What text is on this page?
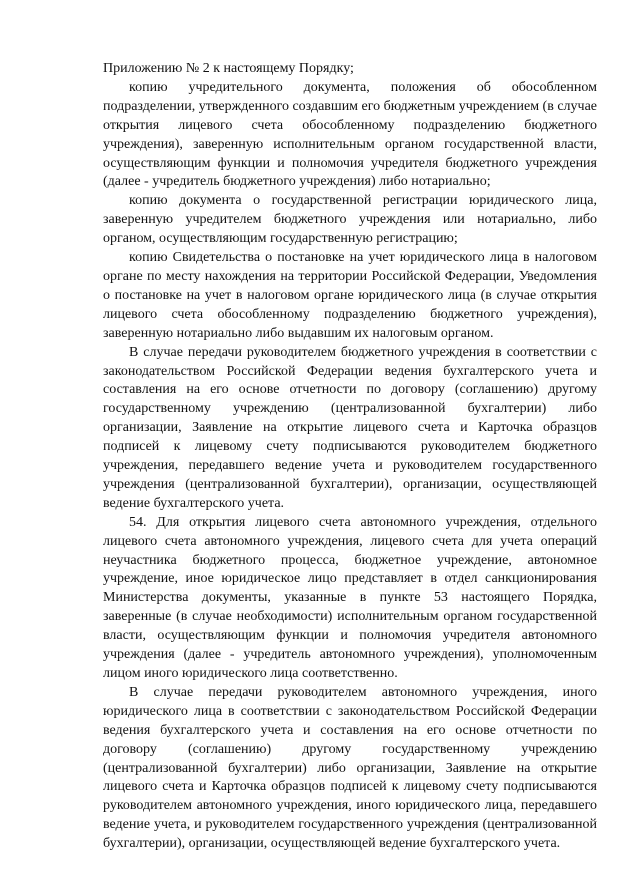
Приложению № 2 к настоящему Порядку;

копию учредительного документа, положения об обособленном подразделении, утвержденного создавшим его бюджетным учреждением (в случае открытия лицевого счета обособленному подразделению бюджетного учреждения), заверенную исполнительным органом государственной власти, осуществляющим функции и полномочия учредителя бюджетного учреждения (далее - учредитель бюджетного учреждения) либо нотариально;

копию документа о государственной регистрации юридического лица, заверенную учредителем бюджетного учреждения или нотариально, либо органом, осуществляющим государственную регистрацию;

копию Свидетельства о постановке на учет юридического лица в налоговом органе по месту нахождения на территории Российской Федерации, Уведомления о постановке на учет в налоговом органе юридического лица (в случае открытия лицевого счета обособленному подразделению бюджетного учреждения), заверенную нотариально либо выдавшим их налоговым органом.

В случае передачи руководителем бюджетного учреждения в соответствии с законодательством Российской Федерации ведения бухгалтерского учета и составления на его основе отчетности по договору (соглашению) другому государственному учреждению (централизованной бухгалтерии) либо организации, Заявление на открытие лицевого счета и Карточка образцов подписей к лицевому счету подписываются руководителем бюджетного учреждения, передавшего ведение учета и руководителем государственного учреждения (централизованной бухгалтерии), организации, осуществляющей ведение бухгалтерского учета.

54. Для открытия лицевого счета автономного учреждения, отдельного лицевого счета автономного учреждения, лицевого счета для учета операций неучастника бюджетного процесса, бюджетное учреждение, автономное учреждение, иное юридическое лицо представляет в отдел санкционирования Министерства документы, указанные в пункте 53 настоящего Порядка, заверенные (в случае необходимости) исполнительным органом государственной власти, осуществляющим функции и полномочия учредителя автономного учреждения (далее - учредитель автономного учреждения), уполномоченным лицом иного юридического лица соответственно.

В случае передачи руководителем автономного учреждения, иного юридического лица в соответствии с законодательством Российской Федерации ведения бухгалтерского учета и составления на его основе отчетности по договору (соглашению) другому государственному учреждению (централизованной бухгалтерии) либо организации, Заявление на открытие лицевого счета и Карточка образцов подписей к лицевому счету подписываются руководителем автономного учреждения, иного юридического лица, передавшего ведение учета, и руководителем государственного учреждения (централизованной бухгалтерии), организации, осуществляющей ведение бухгалтерского учета.
